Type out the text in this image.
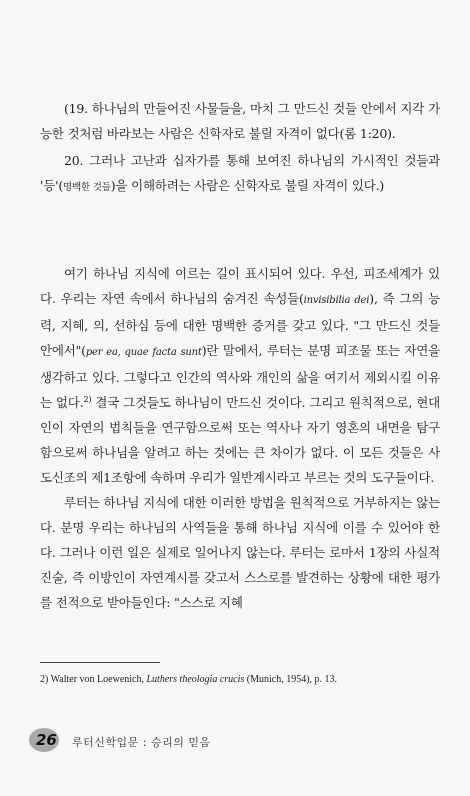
(19. 하나님의 만들어진 사물들을, 마치 그 만드신 것들 안에서 지각 가능한 것처럼 바라보는 사람은 신학자로 불릴 자격이 없다(롬 1:20).

20. 그러나 고난과 십자가를 통해 보여진 하나님의 가시적인 것들과 '등'(명백한 것들)을 이해하려는 사람은 신학자로 불릴 자격이 있다.)

여기 하나님 지식에 이르는 길이 표시되어 있다. 우선, 피조세계가 있다. 우리는 자연 속에서 하나님의 숨겨진 속성들(invisibilia dei), 즉 그의 능력, 지혜, 의, 선하심 등에 대한 명백한 증거를 갖고 있다. "그 만드신 것들 안에서"(per ea, quae facta sunt)란 말에서, 루터는 분명 피조물 또는 자연을 생각하고 있다. 그렇다고 인간의 역사와 개인의 삶을 여기서 제외시킬 이유는 없다.$^{2)}$ 결국 그것들도 하나님이 만드신 것이다. 그리고 원칙적으로, 현대인이 자연의 법칙들을 연구함으로써 또는 역사나 자기 영혼의 내면을 탐구함으로써 하나님을 알려고 하는 것에는 큰 차이가 없다. 이 모든 것들은 사도신조의 제1조항에 속하며 우리가 일반계시라고 부르는 것의 도구들이다.

루터는 하나님 지식에 대한 이러한 방법을 원칙적으로 거부하지는 않는다. 분명 우리는 하나님의 사역들을 통해 하나님 지식에 이를 수 있어야 한다. 그러나 이런 일은 실제로 일어나지 않는다. 루터는 로마서 1장의 사실적 진술, 즉 이방인이 자연계시를 갖고서 스스로를 발견하는 상황에 대한 평가를 전적으로 받아들인다: "스스로 지혜

2) Walter von Loewenich, Luthers theologia crucis (Munich, 1954), p. 13.
26 루터신학입문 : 승리의 믿음
